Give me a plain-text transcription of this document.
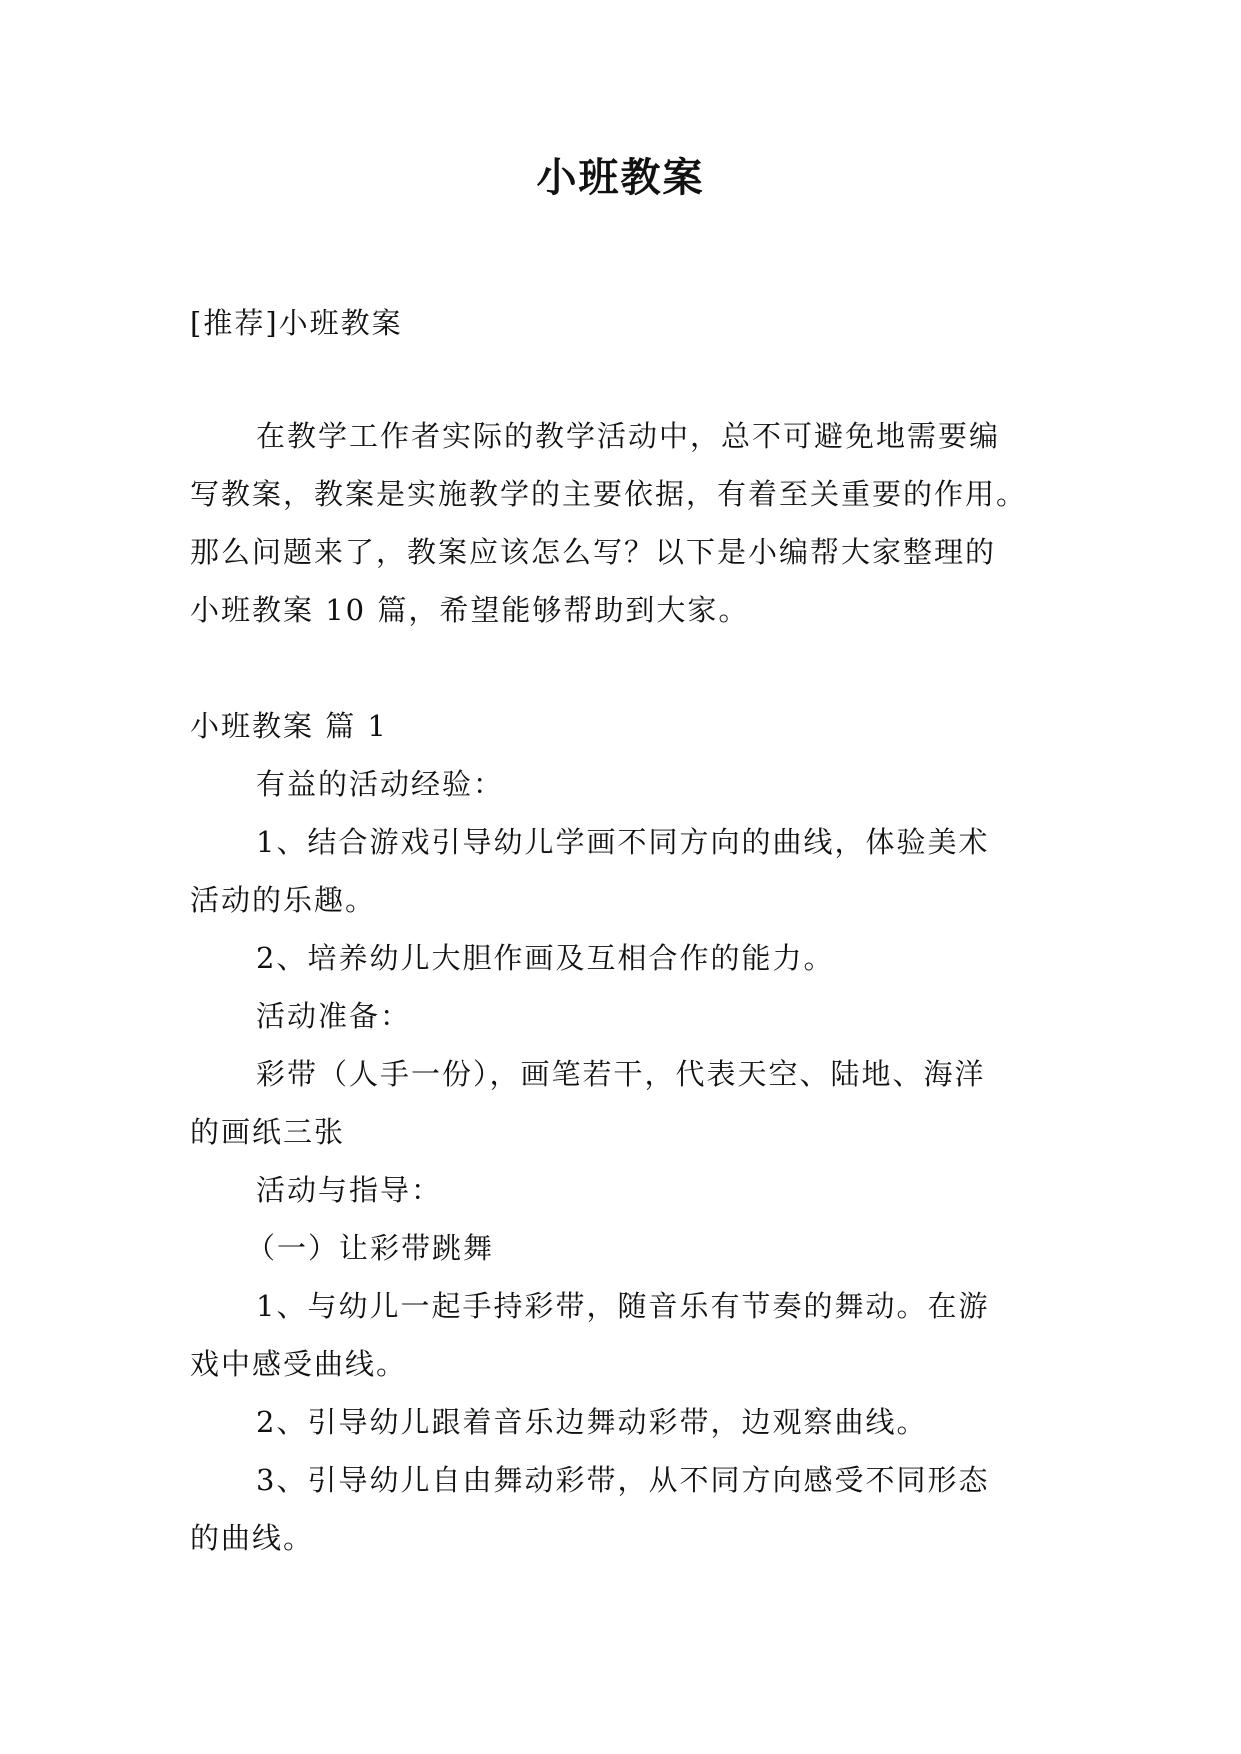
小班教案
[推荐]小班教案
在教学工作者实际的教学活动中，总不可避免地需要编
写教案，教案是实施教学的主要依据，有着至关重要的作用。
那么问题来了，教案应该怎么写？以下是小编帮大家整理的
小班教案 10 篇，希望能够帮助到大家。
小班教案 篇 1
有益的活动经验：
1、结合游戏引导幼儿学画不同方向的曲线，体验美术
活动的乐趣。
2、培养幼儿大胆作画及互相合作的能力。
活动准备：
彩带（人手一份），画笔若干，代表天空、陆地、海洋
的画纸三张
活动与指导：
（一）让彩带跳舞
1、与幼儿一起手持彩带，随音乐有节奏的舞动。在游
戏中感受曲线。
2、引导幼儿跟着音乐边舞动彩带，边观察曲线。
3、引导幼儿自由舞动彩带，从不同方向感受不同形态
的曲线。
